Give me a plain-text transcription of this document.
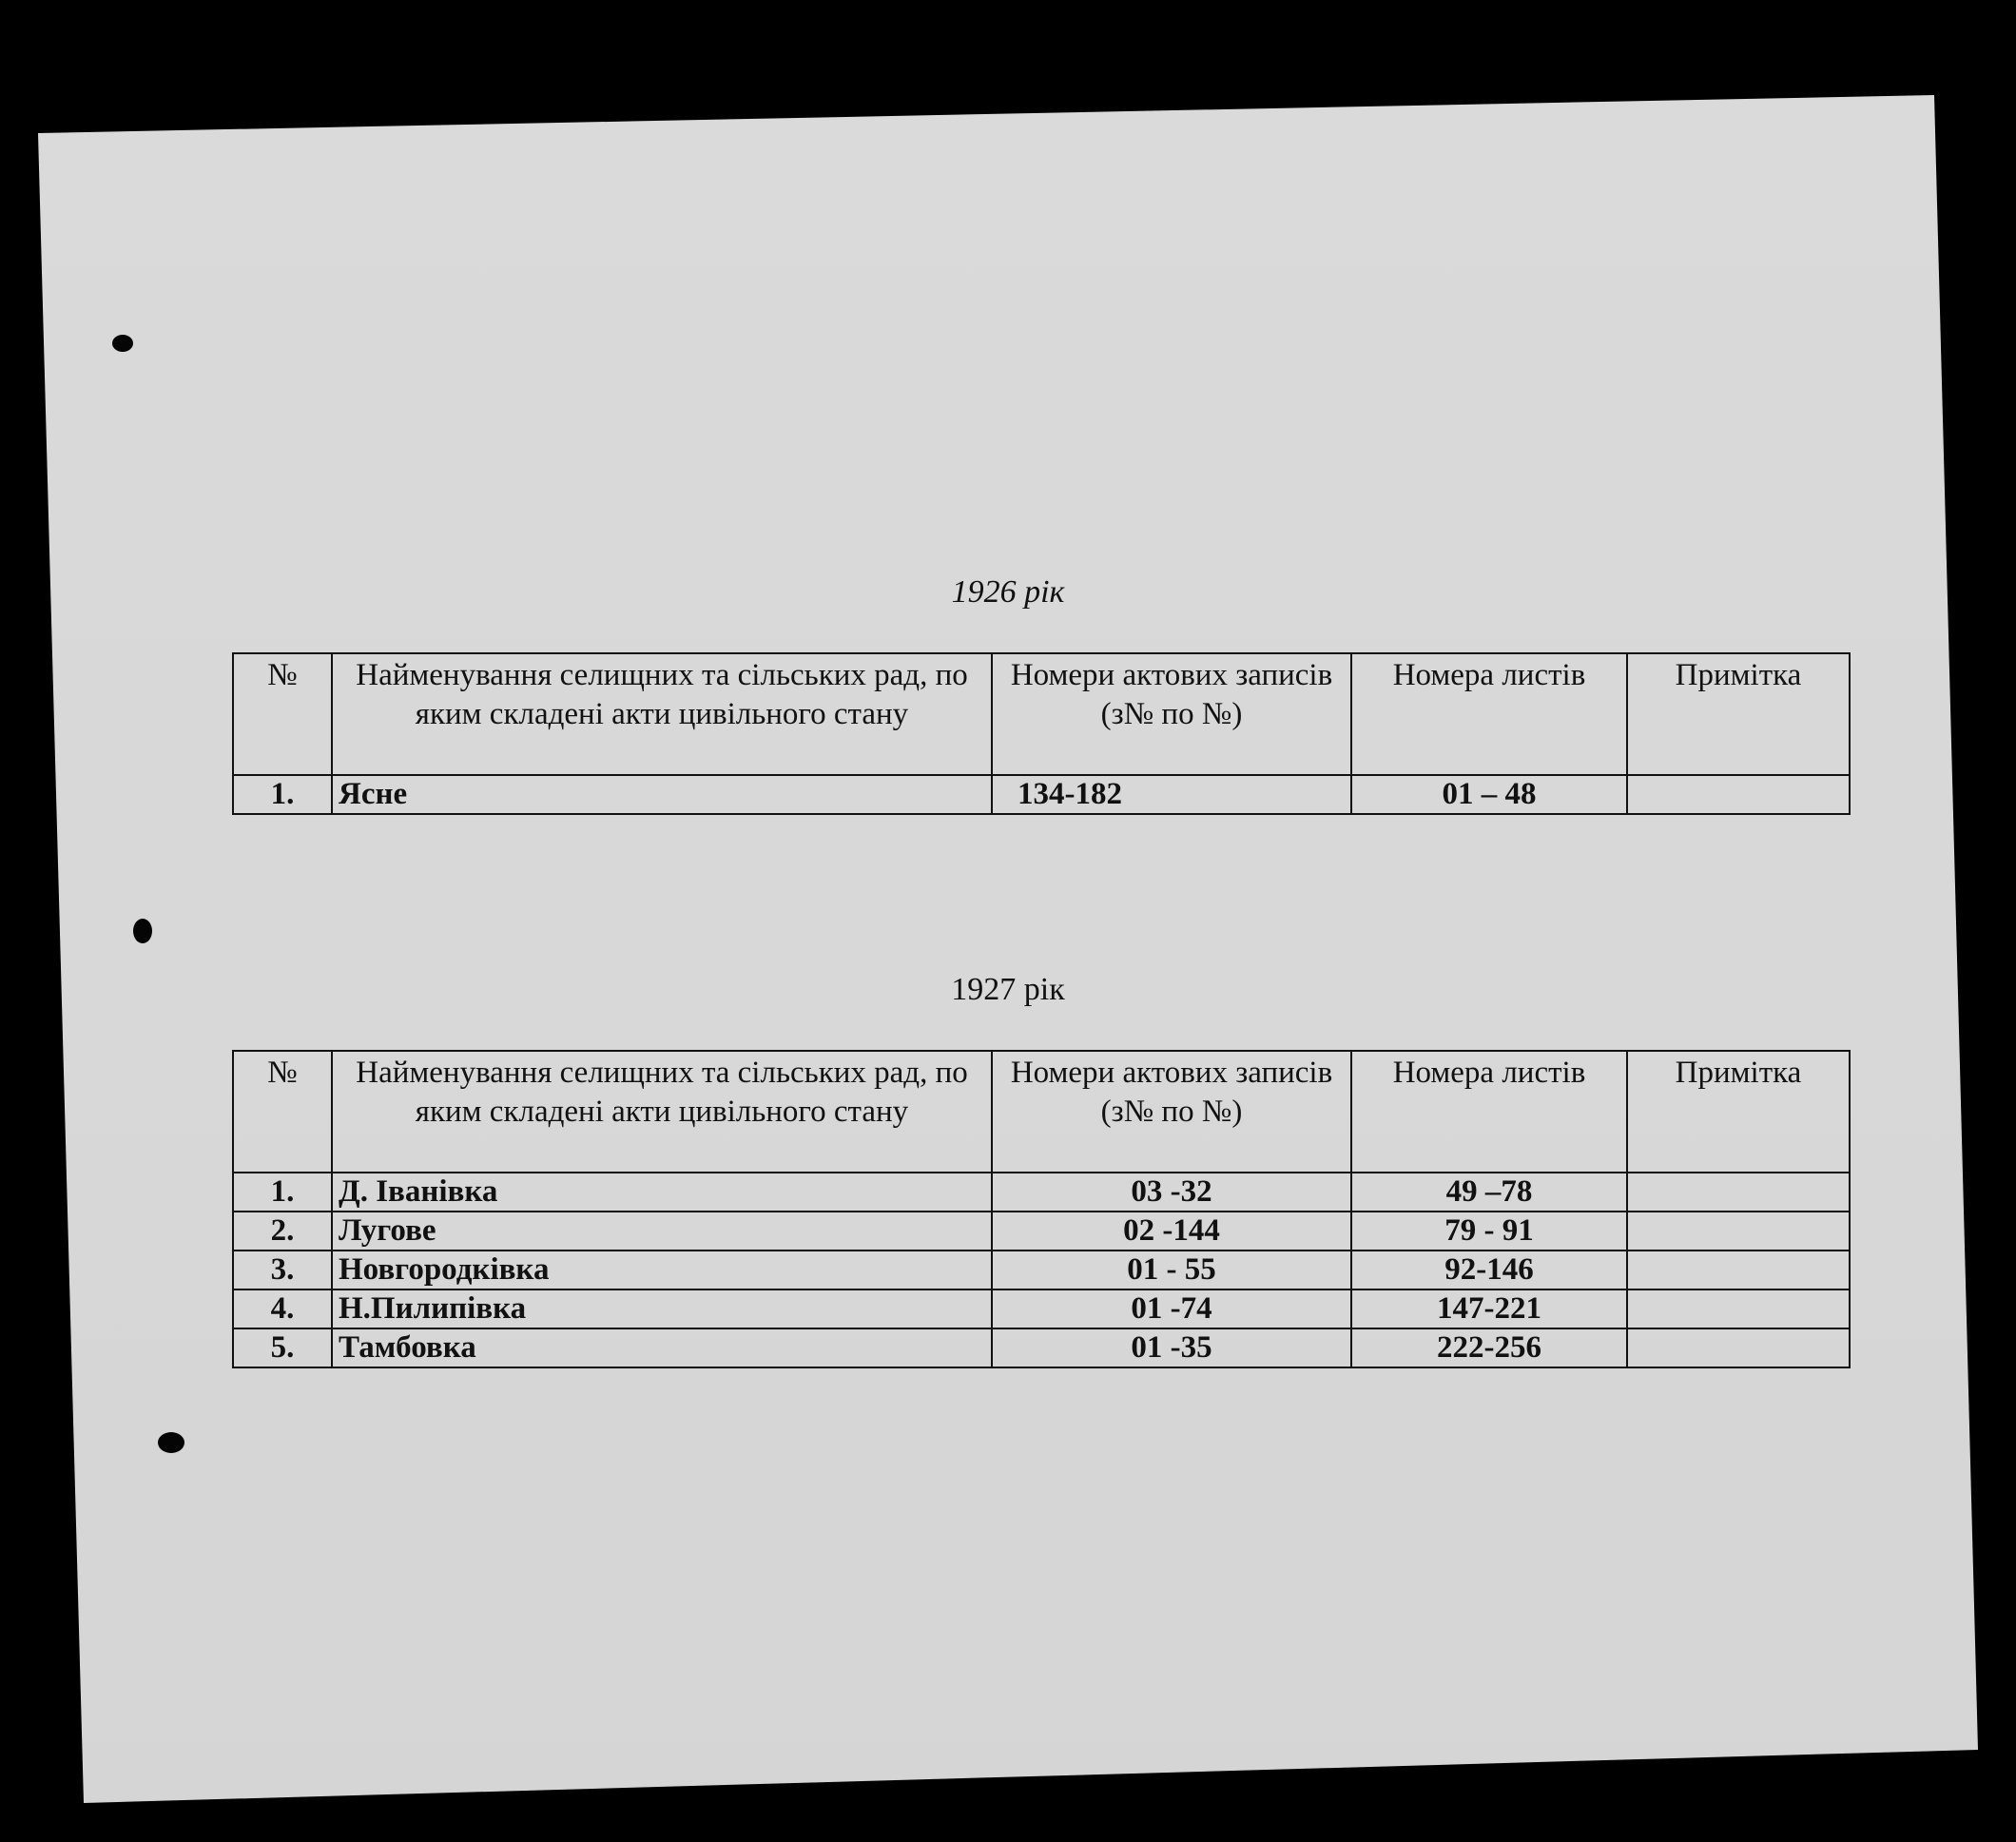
1926 рік
№	Найменування селищних та сільських рад, по яким складені акти цивільного стану	Номери актових записів (з№ по №)	Номера листів	Примітка
1.	Ясне	134-182	01 – 48	
1927 рік
№	Найменування селищних та сільських рад, по яким складені акти цивільного стану	Номери актових записів (з№ по №)	Номера листів	Примітка
1.	Д. Іванівка	03 -32	49 –78	
2.	Лугове	02 -144	79 - 91	
3.	Новгородківка	01 - 55	92-146	
4.	Н.Пилипівка	01 -74	147-221	
5.	Тамбовка	01 -35	222-256	
